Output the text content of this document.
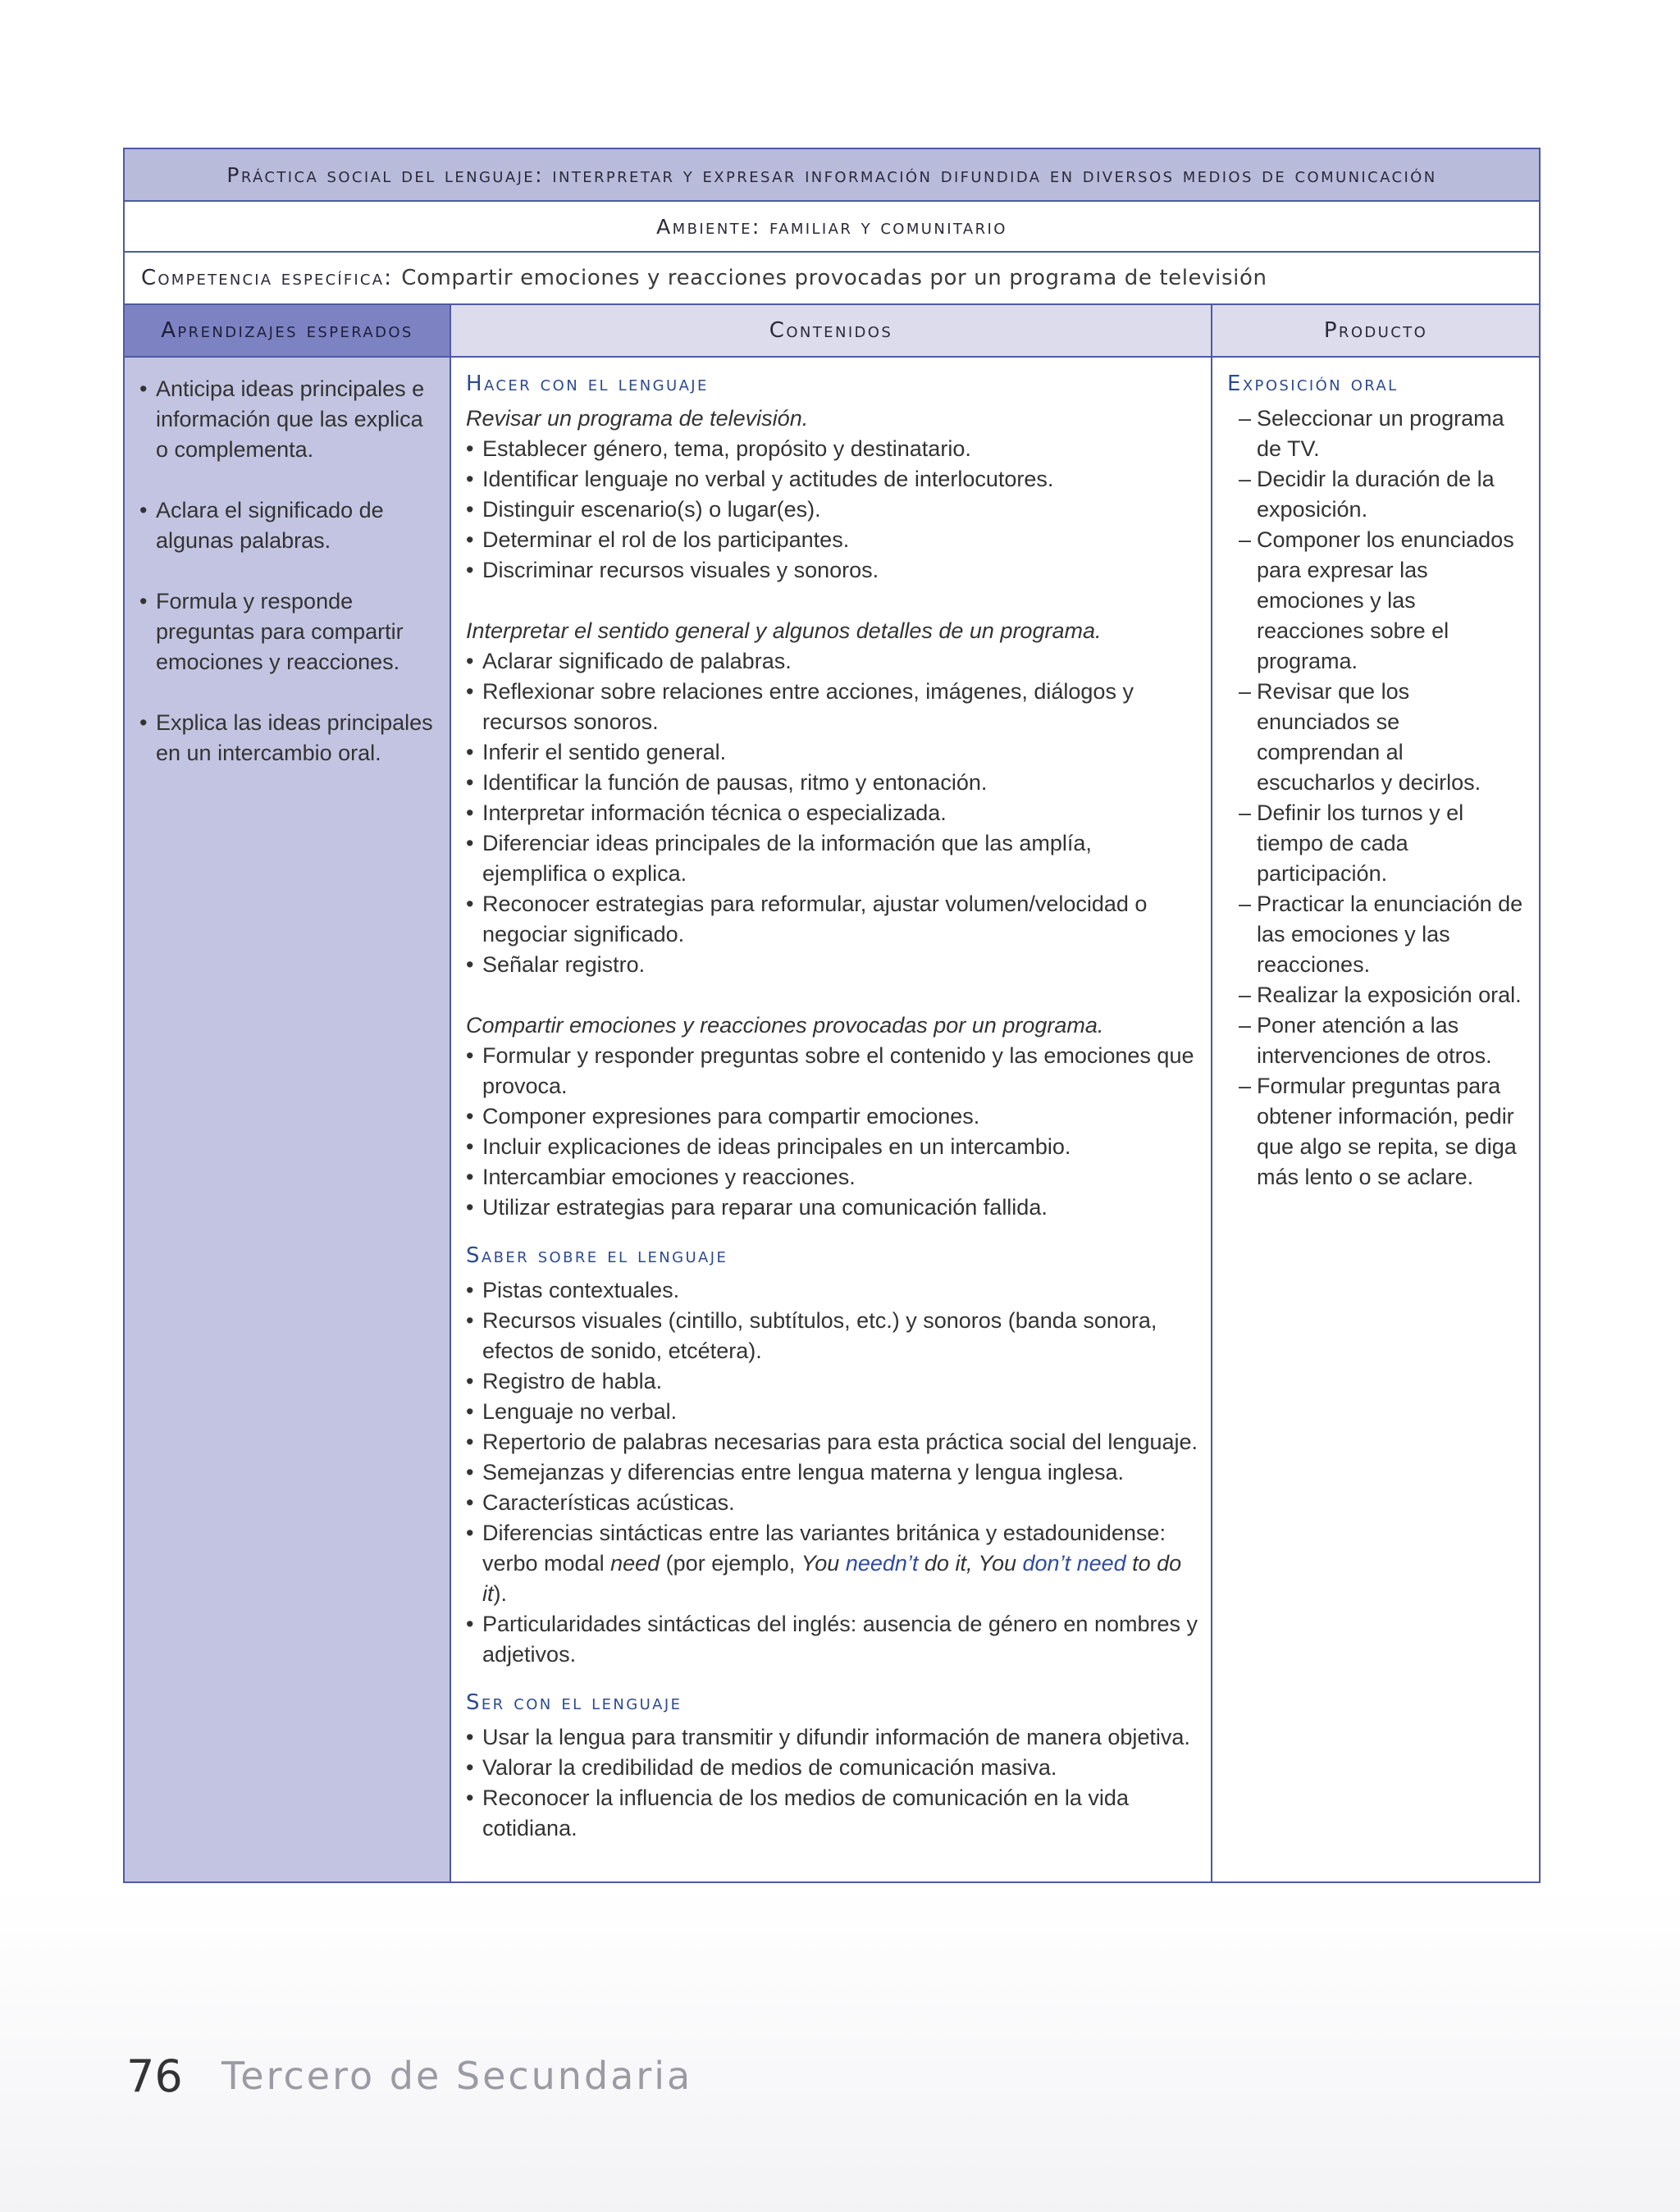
Práctica social del lenguaje: interpretar y expresar información difundida en diversos medios de comunicación
Ambiente: familiar y comunitario
Competencia específica: Compartir emociones y reacciones provocadas por un programa de televisión
Aprendizajes esperados	Contenidos	Producto
• Anticipa ideas principales e información que las explica o complementa.
• Aclara el significado de algunas palabras.
• Formula y responde preguntas para compartir emociones y reacciones.
• Explica las ideas principales en un intercambio oral.
Hacer con el lenguaje
Revisar un programa de televisión.
• Establecer género, tema, propósito y destinatario.
• Identificar lenguaje no verbal y actitudes de interlocutores.
• Distinguir escenario(s) o lugar(es).
• Determinar el rol de los participantes.
• Discriminar recursos visuales y sonoros.
Interpretar el sentido general y algunos detalles de un programa.
• Aclarar significado de palabras.
• Reflexionar sobre relaciones entre acciones, imágenes, diálogos y recursos sonoros.
• Inferir el sentido general.
• Identificar la función de pausas, ritmo y entonación.
• Interpretar información técnica o especializada.
• Diferenciar ideas principales de la información que las amplía, ejemplifica o explica.
• Reconocer estrategias para reformular, ajustar volumen/velocidad o negociar significado.
• Señalar registro.
Compartir emociones y reacciones provocadas por un programa.
• Formular y responder preguntas sobre el contenido y las emociones que provoca.
• Componer expresiones para compartir emociones.
• Incluir explicaciones de ideas principales en un intercambio.
• Intercambiar emociones y reacciones.
• Utilizar estrategias para reparar una comunicación fallida.
Saber sobre el lenguaje
• Pistas contextuales.
• Recursos visuales (cintillo, subtítulos, etc.) y sonoros (banda sonora, efectos de sonido, etcétera).
• Registro de habla.
• Lenguaje no verbal.
• Repertorio de palabras necesarias para esta práctica social del lenguaje.
• Semejanzas y diferencias entre lengua materna y lengua inglesa.
• Características acústicas.
• Diferencias sintácticas entre las variantes británica y estadounidense: verbo modal need (por ejemplo, You needn’t do it, You don’t need to do it).
• Particularidades sintácticas del inglés: ausencia de género en nombres y adjetivos.
Ser con el lenguaje
• Usar la lengua para transmitir y difundir información de manera objetiva.
• Valorar la credibilidad de medios de comunicación masiva.
• Reconocer la influencia de los medios de comunicación en la vida cotidiana.
Exposición oral
– Seleccionar un programa de TV.
– Decidir la duración de la exposición.
– Componer los enunciados para expresar las emociones y las reacciones sobre el programa.
– Revisar que los enunciados se comprendan al escucharlos y decirlos.
– Definir los turnos y el tiempo de cada participación.
– Practicar la enunciación de las emociones y las reacciones.
– Realizar la exposición oral.
– Poner atención a las intervenciones de otros.
– Formular preguntas para obtener información, pedir que algo se repita, se diga más lento o se aclare.
76 Tercero de Secundaria
